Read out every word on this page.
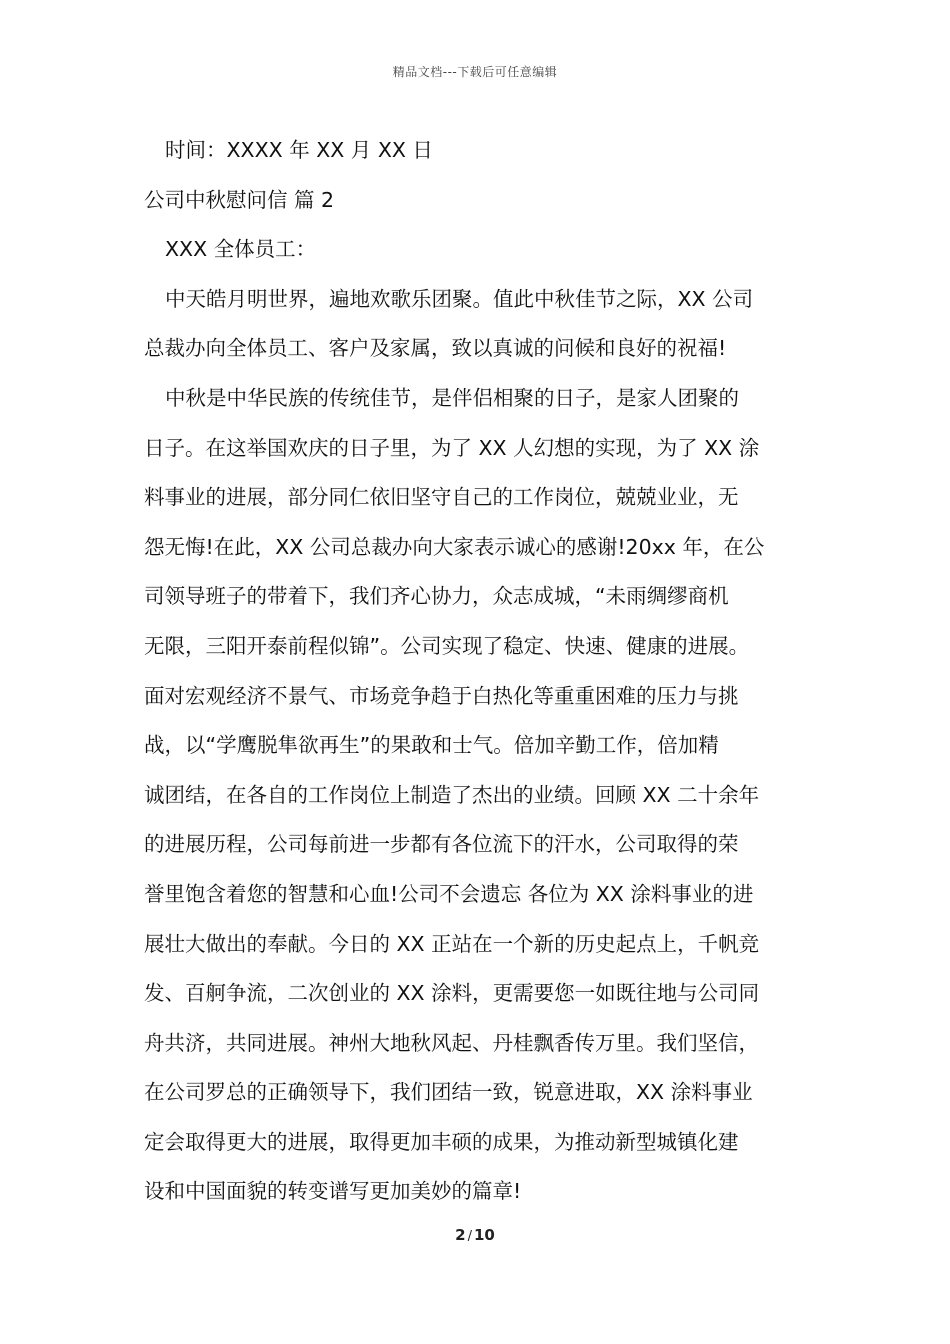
精品文档---下载后可任意编辑
时间：XXXX 年 XX 月 XX 日
公司中秋慰问信 篇 2
XXX 全体员工：
中天皓月明世界，遍地欢歌乐团聚。值此中秋佳节之际，XX 公司
总裁办向全体员工、客户及家属，致以真诚的问候和良好的祝福!
中秋是中华民族的传统佳节，是伴侣相聚的日子，是家人团聚的
日子。在这举国欢庆的日子里，为了 XX 人幻想的实现，为了 XX 涂
料事业的进展，部分同仁依旧坚守自己的工作岗位，兢兢业业，无
怨无悔!在此，XX 公司总裁办向大家表示诚心的感谢!20xx 年，在公
司领导班子的带着下，我们齐心协力，众志成城，“未雨绸缪商机
无限，三阳开泰前程似锦”。公司实现了稳定、快速、健康的进展。
面对宏观经济不景气、市场竞争趋于白热化等重重困难的压力与挑
战，以“学鹰脱隼欲再生”的果敢和士气。倍加辛勤工作，倍加精
诚团结，在各自的工作岗位上制造了杰出的业绩。回顾 XX 二十余年
的进展历程，公司每前进一步都有各位流下的汗水，公司取得的荣
誉里饱含着您的智慧和心血!公司不会遗忘 各位为 XX 涂料事业的进
展壮大做出的奉献。今日的 XX 正站在一个新的历史起点上，千帆竞
发、百舸争流，二次创业的 XX 涂料，更需要您一如既往地与公司同
舟共济，共同进展。神州大地秋风起、丹桂飘香传万里。我们坚信，
在公司罗总的正确领导下，我们团结一致，锐意进取，XX 涂料事业
定会取得更大的进展，取得更加丰硕的成果，为推动新型城镇化建
设和中国面貌的转变谱写更加美妙的篇章!
2 / 10
